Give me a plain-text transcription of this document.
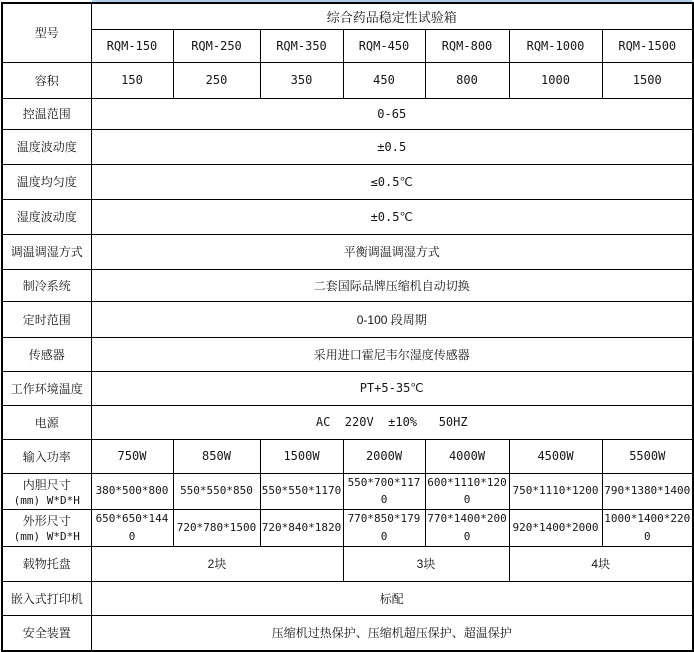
型号	综合药品稳定性试验箱						
	RQM-150	RQM-250	RQM-350	RQM-450	RQM-800	RQM-1000	RQM-1500
容积	150	250	350	450	800	1000	1500
控温范围	0-65						
温度波动度	±0.5						
温度均匀度	≤0.5℃						
湿度波动度	±0.5℃						
调温调湿方式	平衡调温调湿方式						
制冷系统	二套国际品牌压缩机自动切换						
定时范围	0-100 段周期						
传感器	采用进口霍尼韦尔湿度传感器						
工作环境温度	PT+5-35℃						
电源	AC  220V  ±10%   50HZ						
输入功率	750W	850W	1500W	2000W	4000W	4500W	5500W
内胆尺寸
(mm) W*D*H	380*500*800	550*550*850	550*550*1170	550*700*1170	600*1110*1200	750*1110*1200	790*1380*1400
外形尺寸
(mm) W*D*H	650*650*1440	720*780*1500	720*840*1820	770*850*1790	770*1400*2000	920*1400*2000	1000*1400*2200
载物托盘	2块			3块		4块	
嵌入式打印机	标配						
安全装置	压缩机过热保护、压缩机超压保护、超温保护						
